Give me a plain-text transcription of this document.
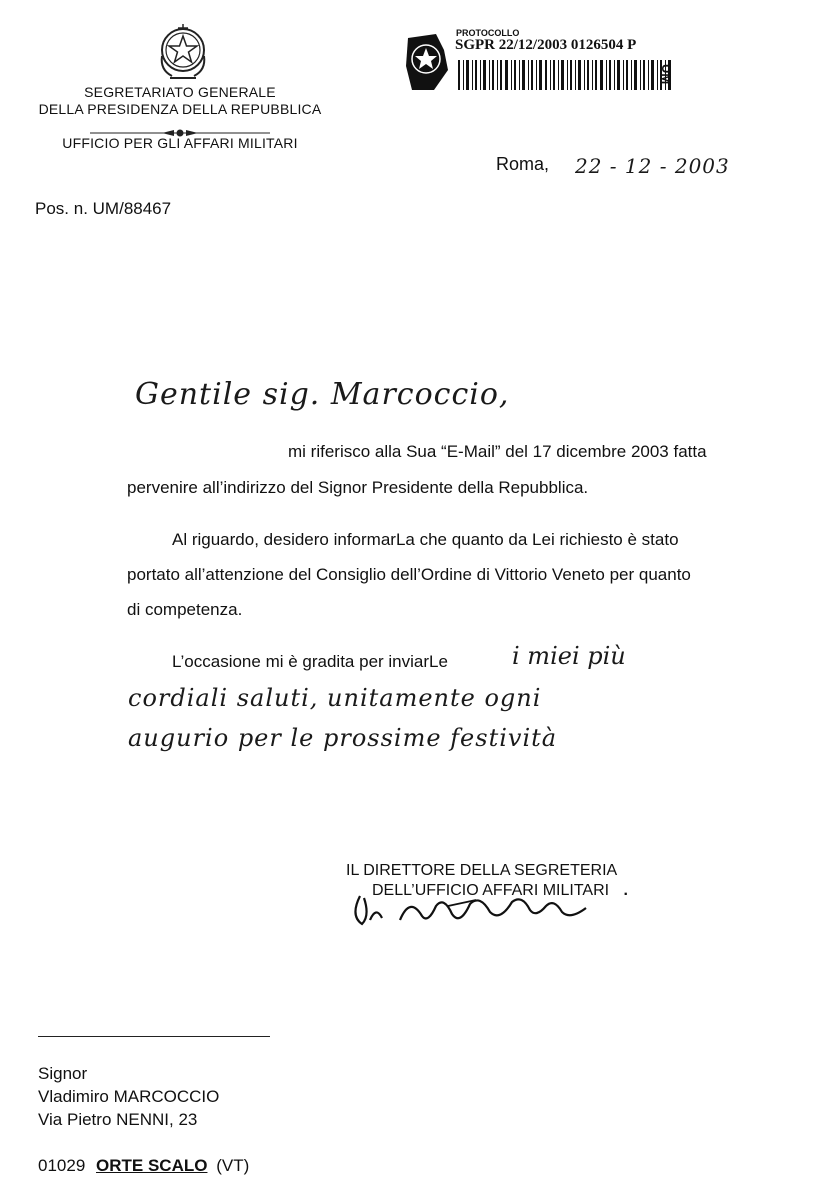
SEGRETARIATO GENERALE
DELLA PRESIDENZA DELLA REPUBBLICA
UFFICIO PER GLI AFFARI MILITARI
PROTOCOLLO
SGPR 22/12/2003 0126504 P
UM
Roma, 22 - 12 - 2003
Pos. n. UM/88467
Gentile sig. Marcoccio,
mi riferisco alla Sua “E-Mail” del 17 dicembre 2003 fatta
pervenire all’indirizzo del Signor Presidente della Repubblica.
Al riguardo, desidero informarLa che quanto da Lei richiesto è stato
portato all’attenzione del Consiglio dell’Ordine di Vittorio Veneto per quanto
di competenza.
L’occasione mi è gradita per inviarLe	i miei più
cordiali saluti, unitamente ogni
augurio per le prossime festività
IL DIRETTORE DELLA SEGRETERIA
DELL’UFFICIO AFFARI MILITARI .
Signor
Vladimiro MARCOCCIO
Via Pietro NENNI, 23
01029 ORTE SCALO (VT)
